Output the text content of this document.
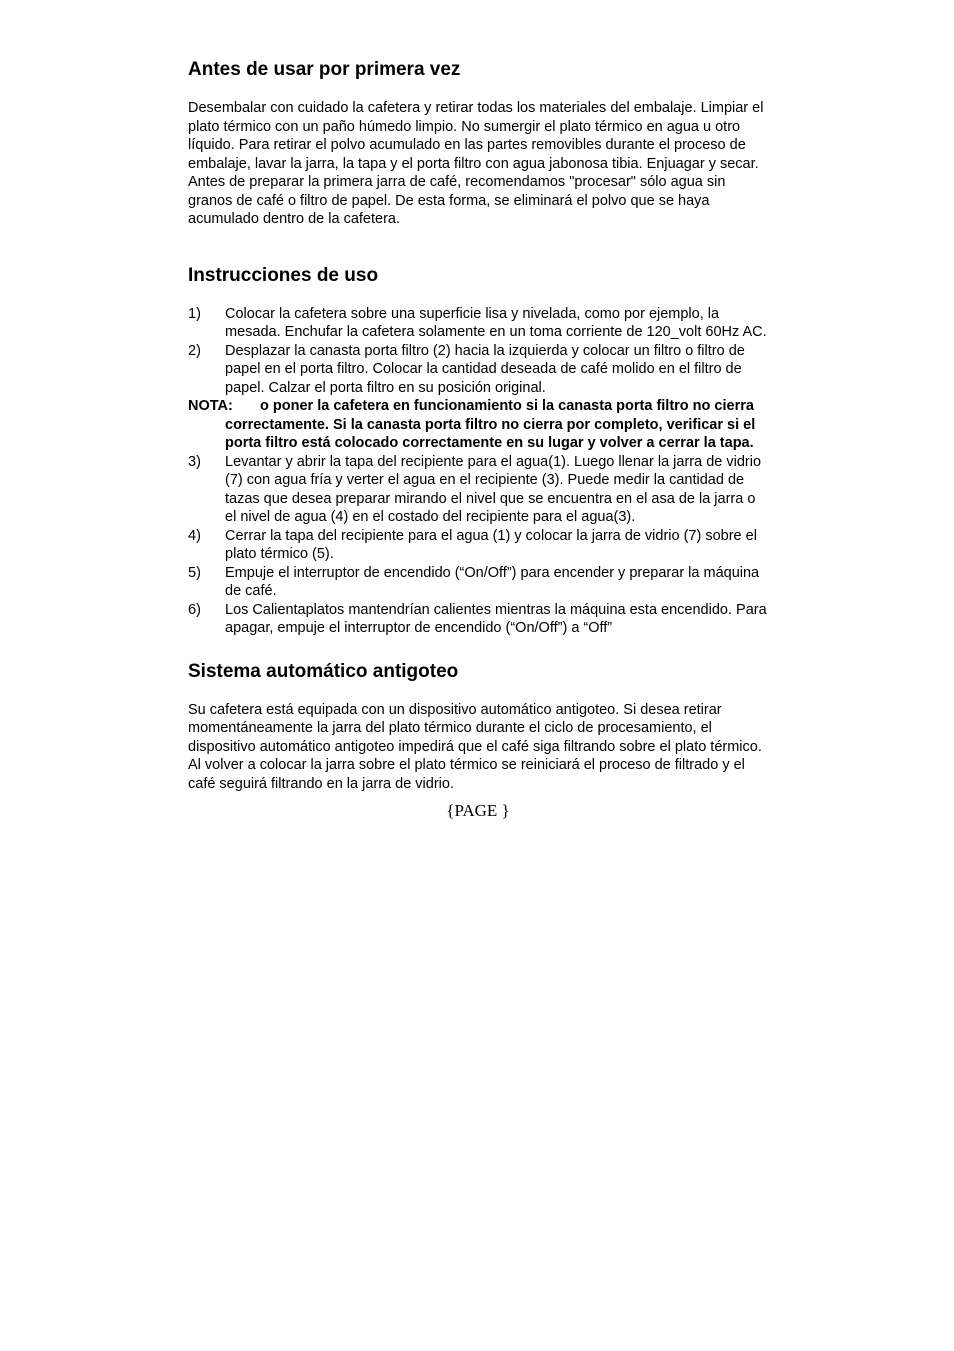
Antes de usar por primera vez

Desembalar con cuidado la cafetera y retirar todas los materiales del embalaje. Limpiar el plato térmico con un paño húmedo limpio. No sumergir el plato térmico en agua u otro líquido. Para retirar el polvo acumulado en las partes removibles durante el proceso de embalaje, lavar la jarra, la tapa y el porta filtro con agua jabonosa tibia. Enjuagar y secar. Antes de preparar la primera jarra de café, recomendamos "procesar" sólo agua sin granos de café o filtro de papel. De esta forma, se eliminará el polvo que se haya acumulado dentro de la cafetera.

Instrucciones de uso
1) Colocar la cafetera sobre una superficie lisa y nivelada, como por ejemplo, la mesada. Enchufar la cafetera solamente en un toma corriente de 120_volt 60Hz AC.
2) Desplazar la canasta porta filtro (2) hacia la izquierda y colocar un filtro o filtro de papel en el porta filtro. Colocar la cantidad deseada de café molido en el filtro de papel. Calzar el porta filtro en su posición original.
NOTA: o poner la cafetera en funcionamiento si la canasta porta filtro no cierra correctamente. Si la canasta porta filtro no cierra por completo, verificar si el porta filtro está colocado correctamente en su lugar y volver a cerrar la tapa.
3) Levantar y abrir la tapa del recipiente para el agua(1). Luego llenar la jarra de vidrio (7) con agua fría y verter el agua en el recipiente (3). Puede medir la cantidad de tazas que desea preparar mirando el nivel que se encuentra en el asa de la jarra o el nivel de agua (4) en el costado del recipiente para el agua(3).
4) Cerrar la tapa del recipiente para el agua (1) y colocar la jarra de vidrio (7) sobre el plato térmico (5).
5) Empuje el interruptor de encendido (“On/Off”) para encender y preparar la máquina de café.
6) Los Calientaplatos mantendrían calientes mientras la máquina esta encendido. Para apagar, empuje el interruptor de encendido (“On/Off”) a “Off”
Sistema automático antigoteo

Su cafetera está equipada con un dispositivo automático antigoteo. Si desea retirar momentáneamente la jarra del plato térmico durante el ciclo de procesamiento, el dispositivo automático antigoteo impedirá que el café siga filtrando sobre el plato térmico. Al volver a colocar la jarra sobre el plato térmico se reiniciará el proceso de filtrado y el café seguirá filtrando en la jarra de vidrio.

{PAGE }
